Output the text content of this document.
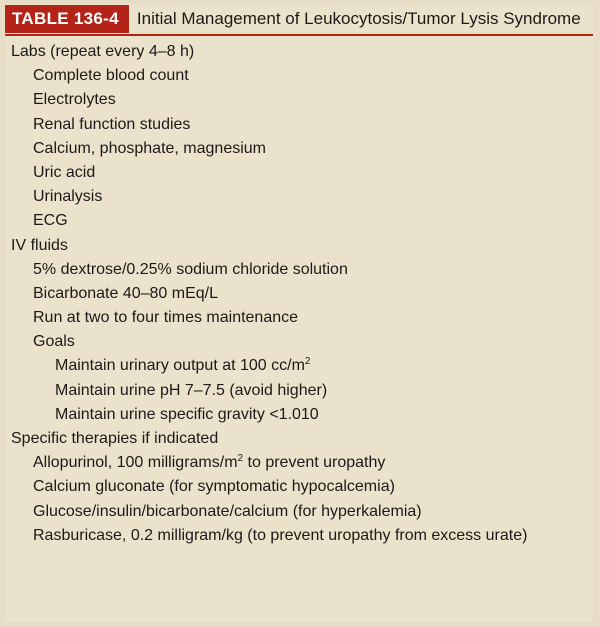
TABLE 136-4	Initial Management of Leukocytosis/Tumor Lysis Syndrome
Labs (repeat every 4–8 h)
Complete blood count
Electrolytes
Renal function studies
Calcium, phosphate, magnesium
Uric acid
Urinalysis
ECG
IV fluids
5% dextrose/0.25% sodium chloride solution
Bicarbonate 40–80 mEq/L
Run at two to four times maintenance
Goals
Maintain urinary output at 100 $cc/m^2$
Maintain urine pH 7–7.5 (avoid higher)
Maintain urine specific gravity <1.010
Specific therapies if indicated
Allopurinol, 100 milligrams/$m^2$ to prevent uropathy
Calcium gluconate (for symptomatic hypocalcemia)
Glucose/insulin/bicarbonate/calcium (for hyperkalemia)
Rasburicase, 0.2 milligram/kg (to prevent uropathy from excess urate)
